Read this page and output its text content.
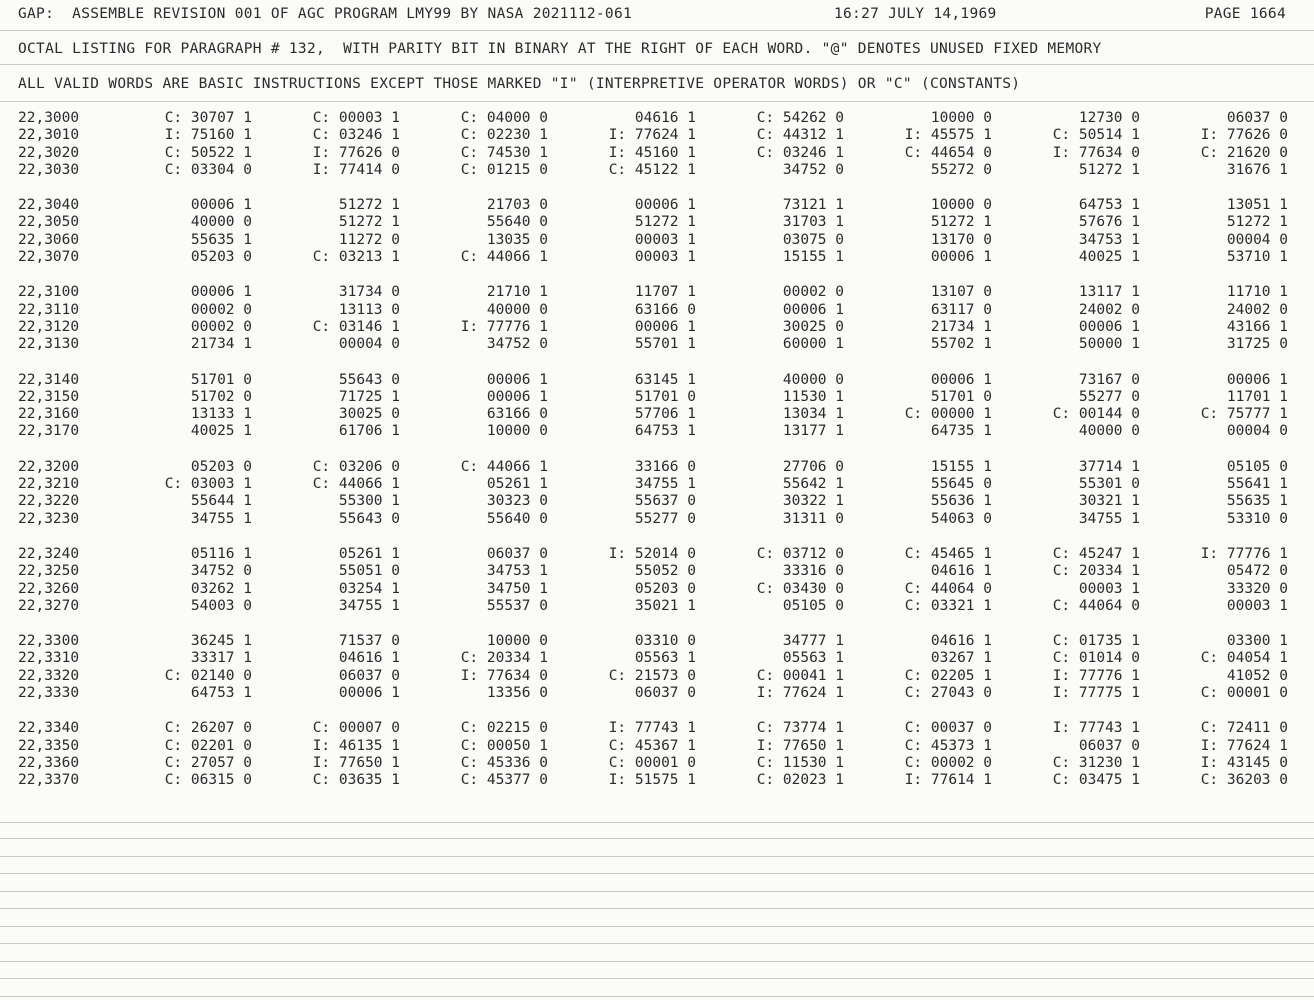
GAP:  ASSEMBLE REVISION 001 OF AGC PROGRAM LMY99 BY NASA 2021112-061

	16:27 JULY 14,1969

	PAGE 1664

OCTAL LISTING FOR PARAGRAPH # 132,  WITH PARITY BIT IN BINARY AT THE RIGHT OF EACH WORD. "@" DENOTES UNUSED FIXED MEMORY
ALL VALID WORDS ARE BASIC INSTRUCTIONS EXCEPT THOSE MARKED "I" (INTERPRETIVE OPERATOR WORDS) OR "C" (CONSTANTS)
22,3000	C: 30707 1	C: 00003 1	C: 04000 0	04616 1	C: 54262 0	10000 0	12730 0	06037 0
22,3010	I: 75160 1	C: 03246 1	C: 02230 1	I: 77624 1	C: 44312 1	I: 45575 1	C: 50514 1	I: 77626 0
22,3020	C: 50522 1	I: 77626 0	C: 74530 1	I: 45160 1	C: 03246 1	C: 44654 0	I: 77634 0	C: 21620 0
22,3030	C: 03304 0	I: 77414 0	C: 01215 0	C: 45122 1	34752 0	55272 0	51272 1	31676 1
22,3040	00006 1	51272 1	21703 0	00006 1	73121 1	10000 0	64753 1	13051 1
22,3050	40000 0	51272 1	55640 0	51272 1	31703 1	51272 1	57676 1	51272 1
22,3060	55635 1	11272 0	13035 0	00003 1	03075 0	13170 0	34753 1	00004 0
22,3070	05203 0	C: 03213 1	C: 44066 1	00003 1	15155 1	00006 1	40025 1	53710 1
22,3100	00006 1	31734 0	21710 1	11707 1	00002 0	13107 0	13117 1	11710 1
22,3110	00002 0	13113 0	40000 0	63166 0	00006 1	63117 0	24002 0	24002 0
22,3120	00002 0	C: 03146 1	I: 77776 1	00006 1	30025 0	21734 1	00006 1	43166 1
22,3130	21734 1	00004 0	34752 0	55701 1	60000 1	55702 1	50000 1	31725 0
22,3140	51701 0	55643 0	00006 1	63145 1	40000 0	00006 1	73167 0	00006 1
22,3150	51702 0	71725 1	00006 1	51701 0	11530 1	51701 0	55277 0	11701 1
22,3160	13133 1	30025 0	63166 0	57706 1	13034 1	C: 00000 1	C: 00144 0	C: 75777 1
22,3170	40025 1	61706 1	10000 0	64753 1	13177 1	64735 1	40000 0	00004 0
22,3200	05203 0	C: 03206 0	C: 44066 1	33166 0	27706 0	15155 1	37714 1	05105 0
22,3210	C: 03003 1	C: 44066 1	05261 1	34755 1	55642 1	55645 0	55301 0	55641 1
22,3220	55644 1	55300 1	30323 0	55637 0	30322 1	55636 1	30321 1	55635 1
22,3230	34755 1	55643 0	55640 0	55277 0	31311 0	54063 0	34755 1	53310 0
22,3240	05116 1	05261 1	06037 0	I: 52014 0	C: 03712 0	C: 45465 1	C: 45247 1	I: 77776 1
22,3250	34752 0	55051 0	34753 1	55052 0	33316 0	04616 1	C: 20334 1	05472 0
22,3260	03262 1	03254 1	34750 1	05203 0	C: 03430 0	C: 44064 0	00003 1	33320 0
22,3270	54003 0	34755 1	55537 0	35021 1	05105 0	C: 03321 1	C: 44064 0	00003 1
22,3300	36245 1	71537 0	10000 0	03310 0	34777 1	04616 1	C: 01735 1	03300 1
22,3310	33317 1	04616 1	C: 20334 1	05563 1	05563 1	03267 1	C: 01014 0	C: 04054 1
22,3320	C: 02140 0	06037 0	I: 77634 0	C: 21573 0	C: 00041 1	C: 02205 1	I: 77776 1	41052 0
22,3330	64753 1	00006 1	13356 0	06037 0	I: 77624 1	C: 27043 0	I: 77775 1	C: 00001 0
22,3340	C: 26207 0	C: 00007 0	C: 02215 0	I: 77743 1	C: 73774 1	C: 00037 0	I: 77743 1	C: 72411 0
22,3350	C: 02201 0	I: 46135 1	C: 00050 1	C: 45367 1	I: 77650 1	C: 45373 1	06037 0	I: 77624 1
22,3360	C: 27057 0	I: 77650 1	C: 45336 0	C: 00001 0	C: 11530 1	C: 00002 0	C: 31230 1	I: 43145 0
22,3370	C: 06315 0	C: 03635 1	C: 45377 0	I: 51575 1	C: 02023 1	I: 77614 1	C: 03475 1	C: 36203 0
